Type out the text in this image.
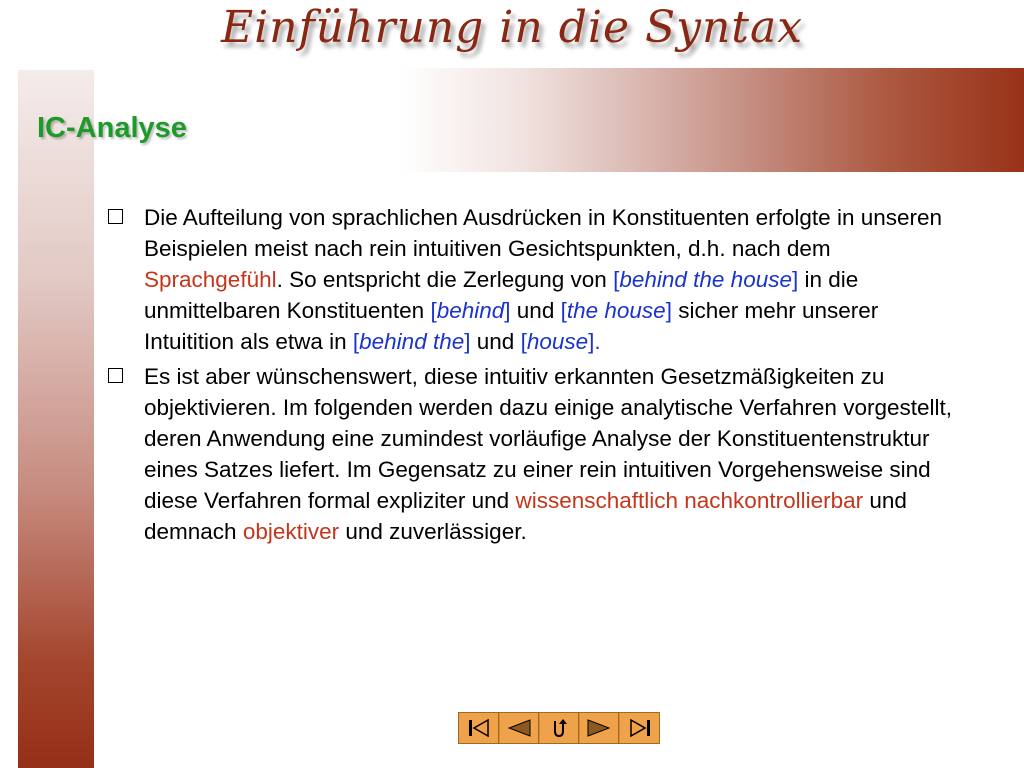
Einführung in die Syntax
IC-Analyse
Die Aufteilung von sprachlichen Ausdrücken in Konstituenten erfolgte in unseren Beispielen meist nach rein intuitiven Gesichtspunkten, d.h. nach dem Sprachgefühl. So entspricht die Zerlegung von [behind the house] in die unmittelbaren Konstituenten [behind] und [the house] sicher mehr unserer Intuitition als etwa in [behind the] und [house].
Es ist aber wünschenswert, diese intuitiv erkannten Gesetzmäßigkeiten zu objektivieren. Im folgenden werden dazu einige analytische Verfahren vorgestellt, deren Anwendung eine zumindest vorläufige Analyse der Konstituentenstruktur eines Satzes liefert. Im Gegensatz zu einer rein intuitiven Vorgehensweise sind diese Verfahren formal expliziter und wissenschaftlich nachkontrollierbar und demnach objektiver und zuverlässiger.
